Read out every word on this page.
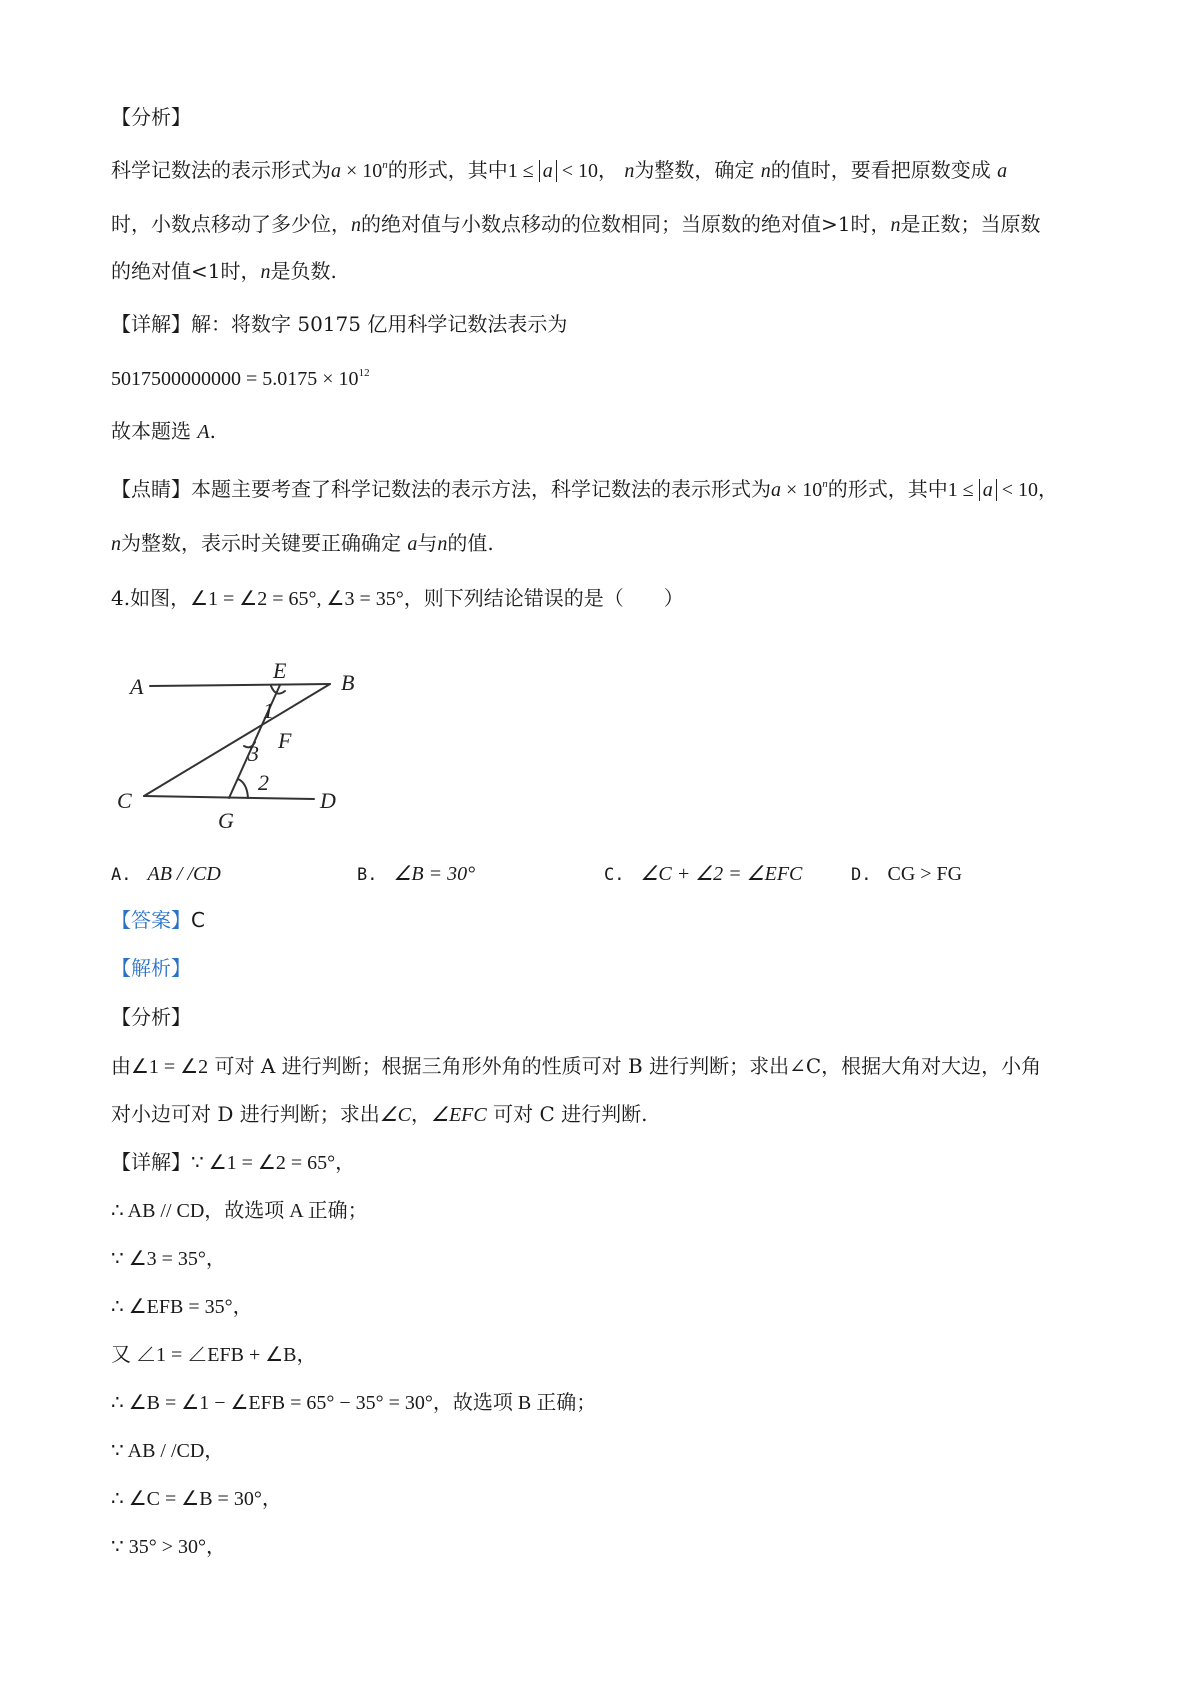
【分析】
科学记数法的表示形式为$a \times 10^n$的形式，其中1 ≤ a < 10， n为整数，确定 n的值时，要看把原数变成 a
时，小数点移动了多少位，n的绝对值与小数点移动的位数相同；当原数的绝对值>1时，n是正数；当原数
的绝对值<1时，n是负数.
【详解】解：将数字 50175 亿用科学记数法表示为
$5017500000000 = 5.0175 \times 10^{12}$
故本题选 A.
【点睛】本题主要考查了科学记数法的表示方法，科学记数法的表示形式为$a \times 10^n$的形式，其中1 ≤ a < 10，
n为整数，表示时关键要正确确定 a与n的值.
4.如图，∠1 = ∠2 = 65°, ∠3 = 35°，则下列结论错误的是（　　）
A
E B
1
F
3
2
C
G
D
A. AB / /CD	B. ∠B = 30°	C. ∠C + ∠2 = ∠EFC	D. CG > FG
【答案】C
【解析】
【分析】
由∠1 = ∠2 可对 A 进行判断；根据三角形外角的性质可对 B 进行判断；求出∠C，根据大角对大边，小角
对小边可对 D 进行判断；求出∠C，∠EFC 可对 C 进行判断.
【详解】∵ ∠1 = ∠2 = 65°，
∴ AB // CD，故选项 A 正确；
∵ ∠3 = 35°，
∴ ∠EFB = 35°，
又 ∠1 = ∠EFB + ∠B，
∴ ∠B = ∠1 − ∠EFB = 65° − 35° = 30°，故选项 B 正确；
∵ AB / /CD，
∴ ∠C = ∠B = 30°，
∵ 35° > 30°，
